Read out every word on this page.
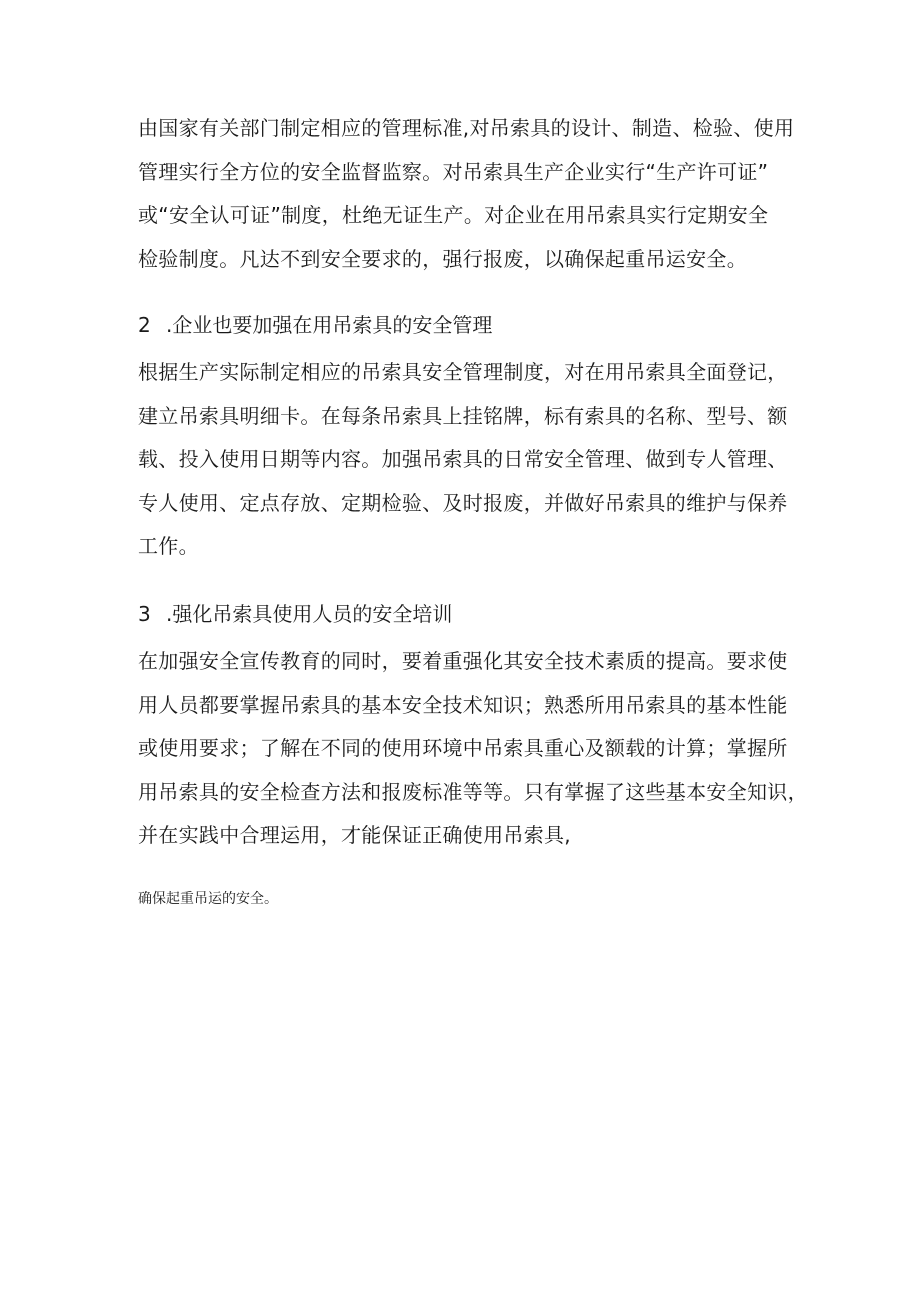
由国家有关部门制定相应的管理标准,对吊索具的设计、制造、检验、使用
管理实行全方位的安全监督监察。对吊索具生产企业实行“生产许可证”
或“安全认可证”制度，杜绝无证生产。对企业在用吊索具实行定期安全
检验制度。凡达不到安全要求的，强行报废，以确保起重吊运安全。
2 .企业也要加强在用吊索具的安全管理
根据生产实际制定相应的吊索具安全管理制度，对在用吊索具全面登记，
建立吊索具明细卡。在每条吊索具上挂铭牌，标有索具的名称、型号、额
载、投入使用日期等内容。加强吊索具的日常安全管理、做到专人管理、
专人使用、定点存放、定期检验、及时报废，并做好吊索具的维护与保养
工作。
3 .强化吊索具使用人员的安全培训
在加强安全宣传教育的同时，要着重强化其安全技术素质的提高。要求使
用人员都要掌握吊索具的基本安全技术知识；熟悉所用吊索具的基本性能
或使用要求；了解在不同的使用环境中吊索具重心及额载的计算；掌握所
用吊索具的安全检查方法和报废标准等等。只有掌握了这些基本安全知识，
并在实践中合理运用，才能保证正确使用吊索具,
确保起重吊运的安全。
